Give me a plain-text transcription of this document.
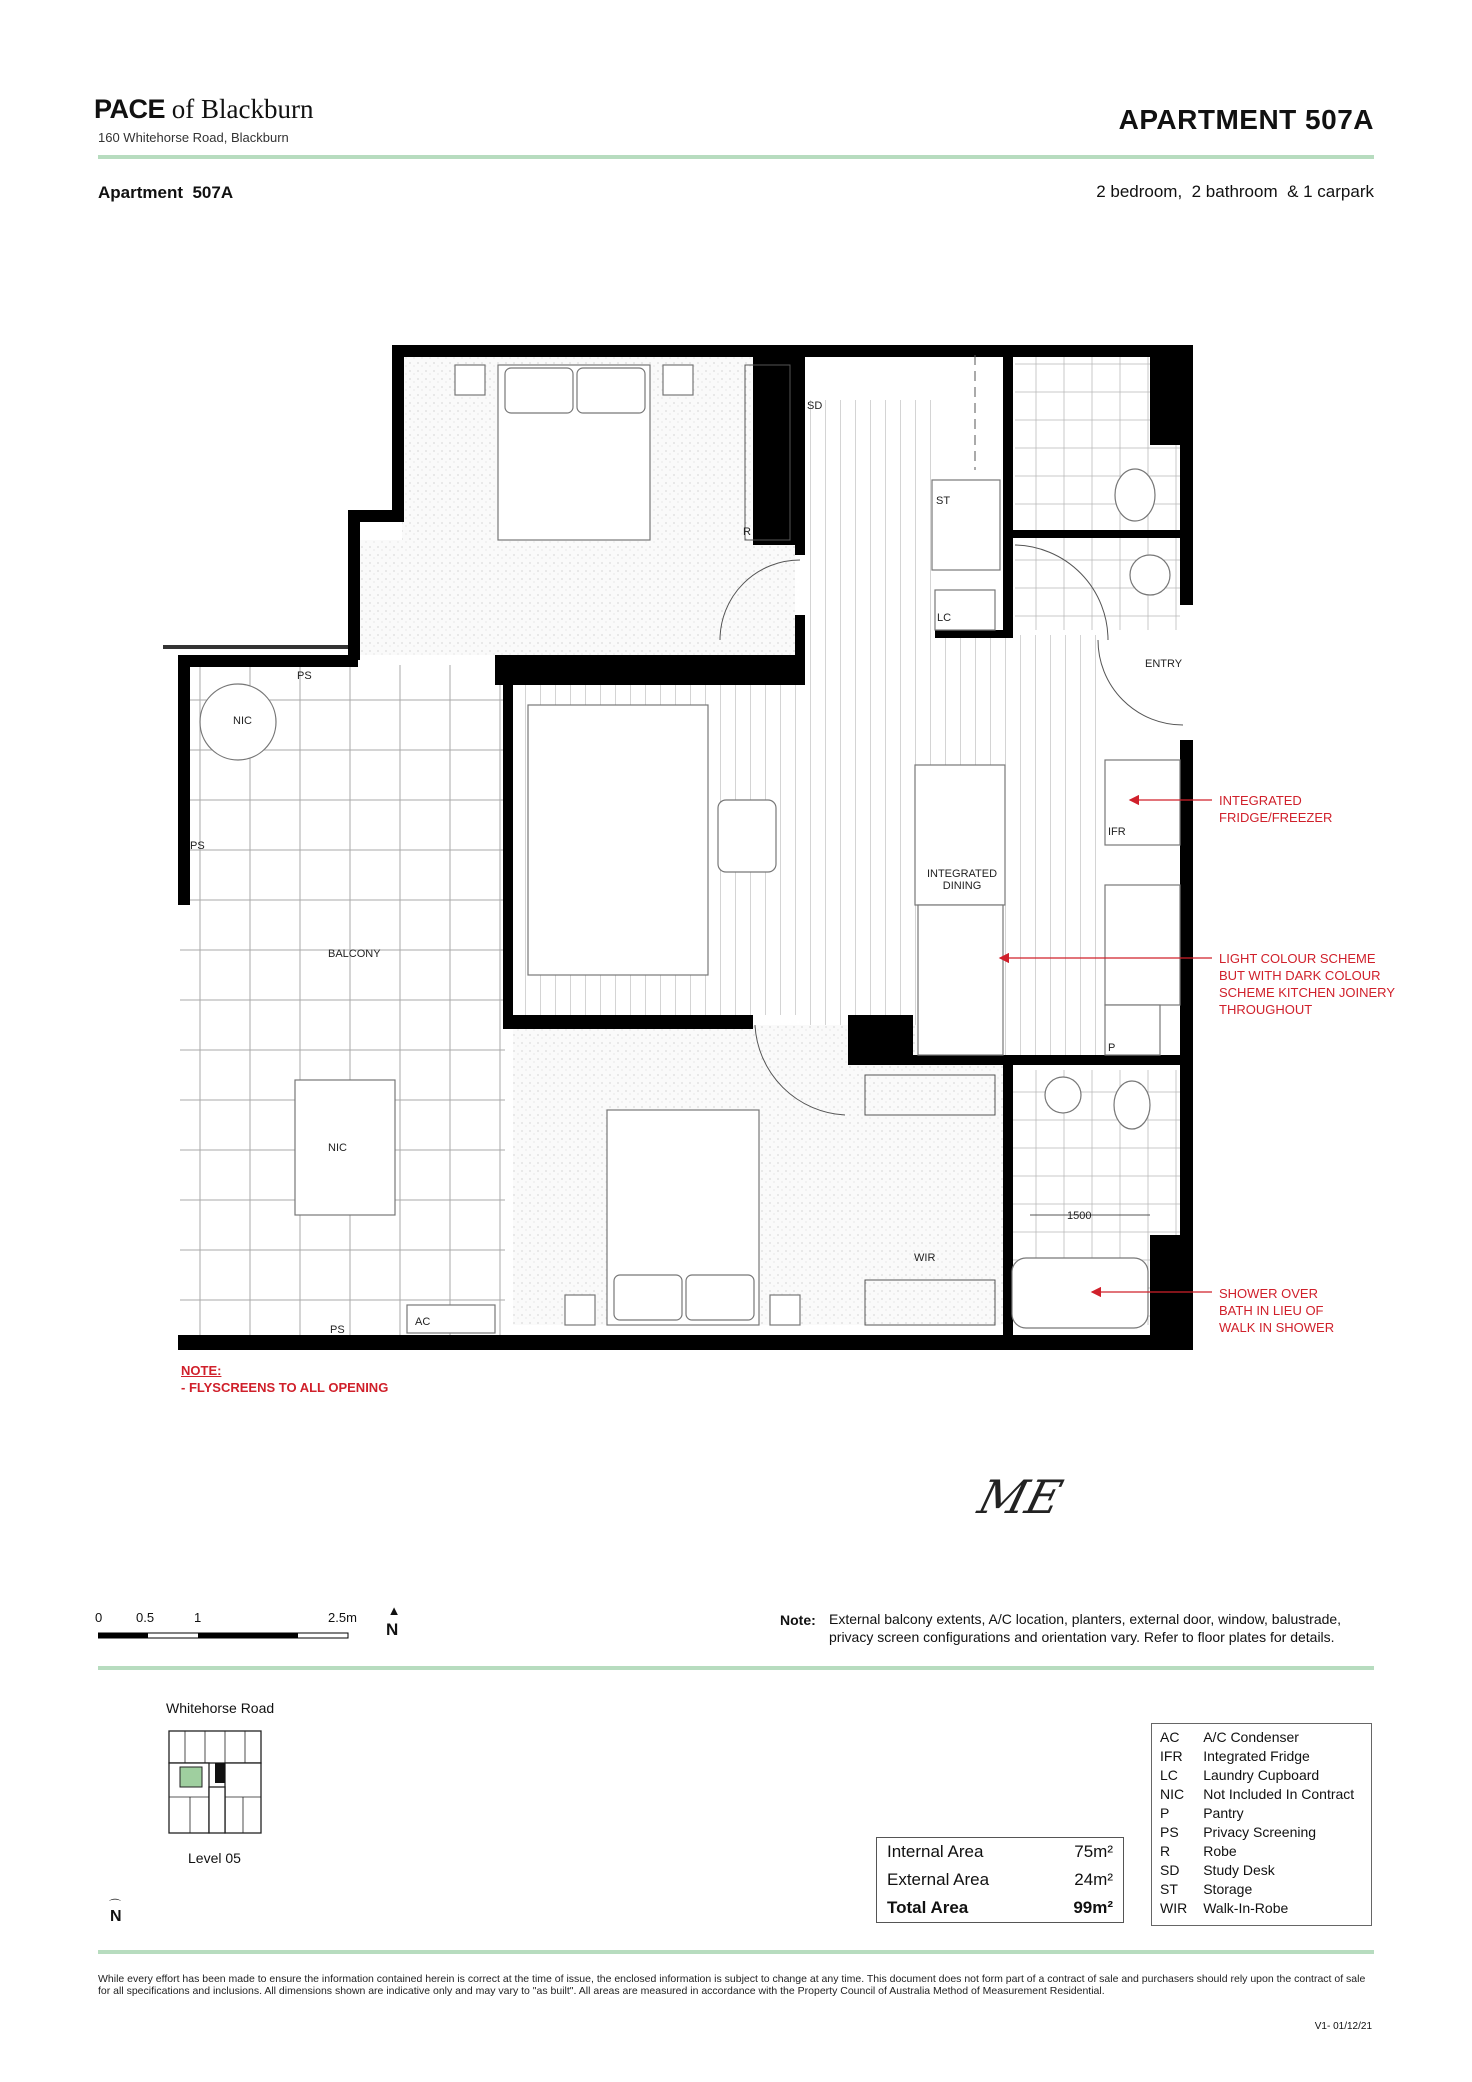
PACE of Blackburn
160 Whitehorse Road, Blackburn
APARTMENT 507A
Apartment  507A	2 bedroom,  2 bathroom  & 1 carpark
SD
R
ST
LC
ENTRY
PS
PS
PS
NIC
BALCONY
NIC
AC
IFR
INTEGRATED
DINING
P
WIR
1500
INTEGRATED
FRIDGE/FREEZER
LIGHT COLOUR SCHEME
BUT WITH DARK COLOUR
SCHEME KITCHEN JOINERY
THROUGHOUT
SHOWER OVER
BATH IN LIEU OF
WALK IN SHOWER
NOTE:
- FLYSCREENS TO ALL OPENING
ME
0	0.5	1	2.5m ▲
N	Note: External balcony extents, A/C location, planters, external door, window, balustrade,
privacy screen configurations and orientation vary. Refer to floor plates for details.
Whitehorse Road
Level 05
⌒
N
Internal Area	75m²
External Area	24m²
Total Area	99m²
AC	A/C Condenser
IFR	Integrated Fridge
LC	Laundry Cupboard
NIC	Not Included In Contract
P	Pantry
PS	Privacy Screening
R	Robe
SD	Study Desk
ST	Storage
WIR	Walk-In-Robe
While every effort has been made to ensure the information contained herein is correct at the time of issue, the enclosed information is subject to change at any time. This document does not form part of a contract of sale and purchasers should rely upon the contract of sale for all specifications and inclusions. All dimensions shown are indicative only and may vary to "as built". All areas are measured in accordance with the Property Council of Australia Method of Measurement Residential.
V1- 01/12/21
